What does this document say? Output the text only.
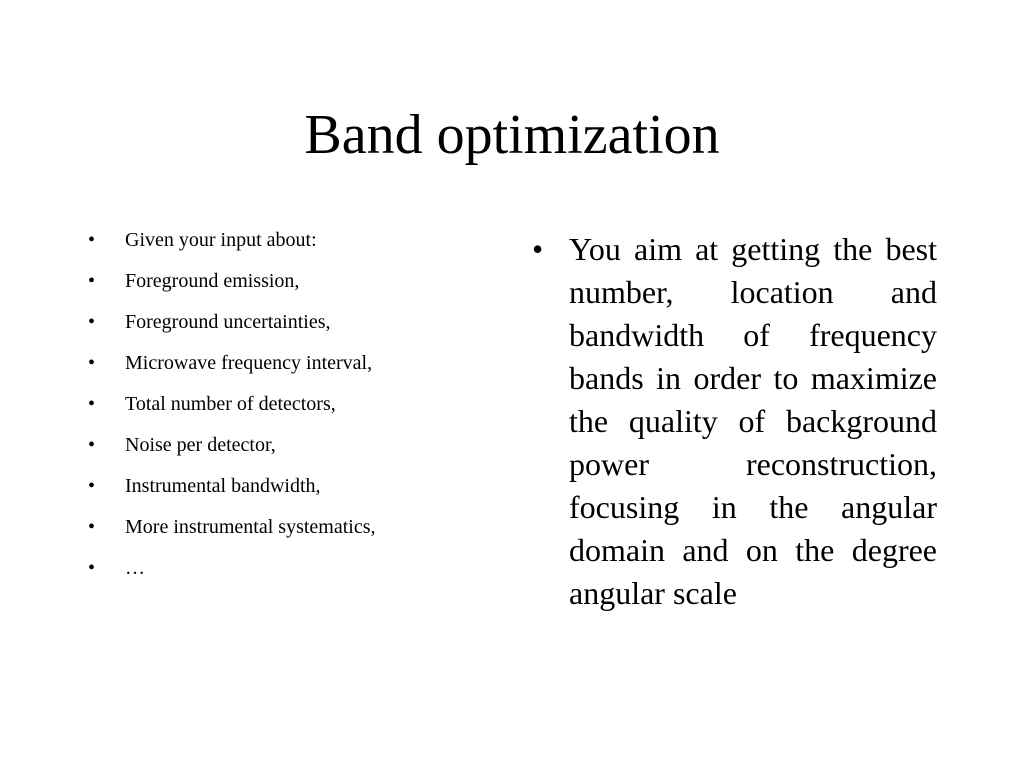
Band optimization
• Given your input about:
• Foreground emission,
• Foreground uncertainties,
• Microwave frequency interval,
• Total number of detectors,
• Noise per detector,
• Instrumental bandwidth,
• More instrumental systematics,
• …
• You aim at getting the best number, location and bandwidth of frequency bands in order to maximize the quality of background power reconstruction, focusing in the angular domain and on the degree angular scale
